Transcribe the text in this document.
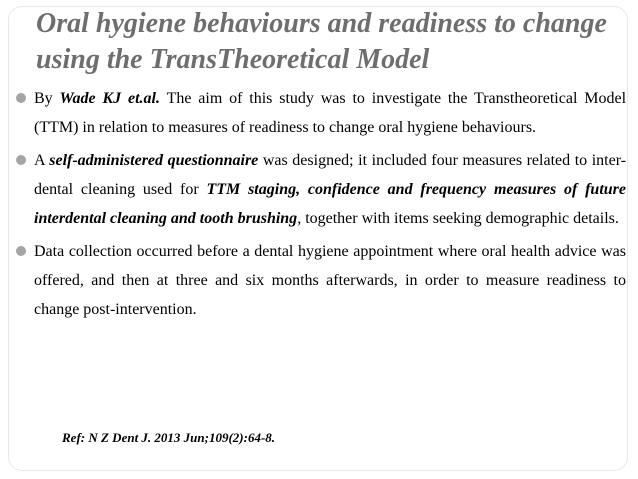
Oral hygiene behaviours and readiness to change using the TransTheoretical Model
By Wade KJ et.al. The aim of this study was to investigate the Transtheoretical Model (TTM) in relation to measures of readiness to change oral hygiene behaviours.
A self-administered questionnaire was designed; it included four measures related to inter-dental cleaning used for TTM staging, confidence and frequency measures of future interdental cleaning and tooth brushing, together with items seeking demographic details.
Data collection occurred before a dental hygiene appointment where oral health advice was offered, and then at three and six months afterwards, in order to measure readiness to change post-intervention.

Ref: N Z Dent J. 2013 Jun;109(2):64-8.
